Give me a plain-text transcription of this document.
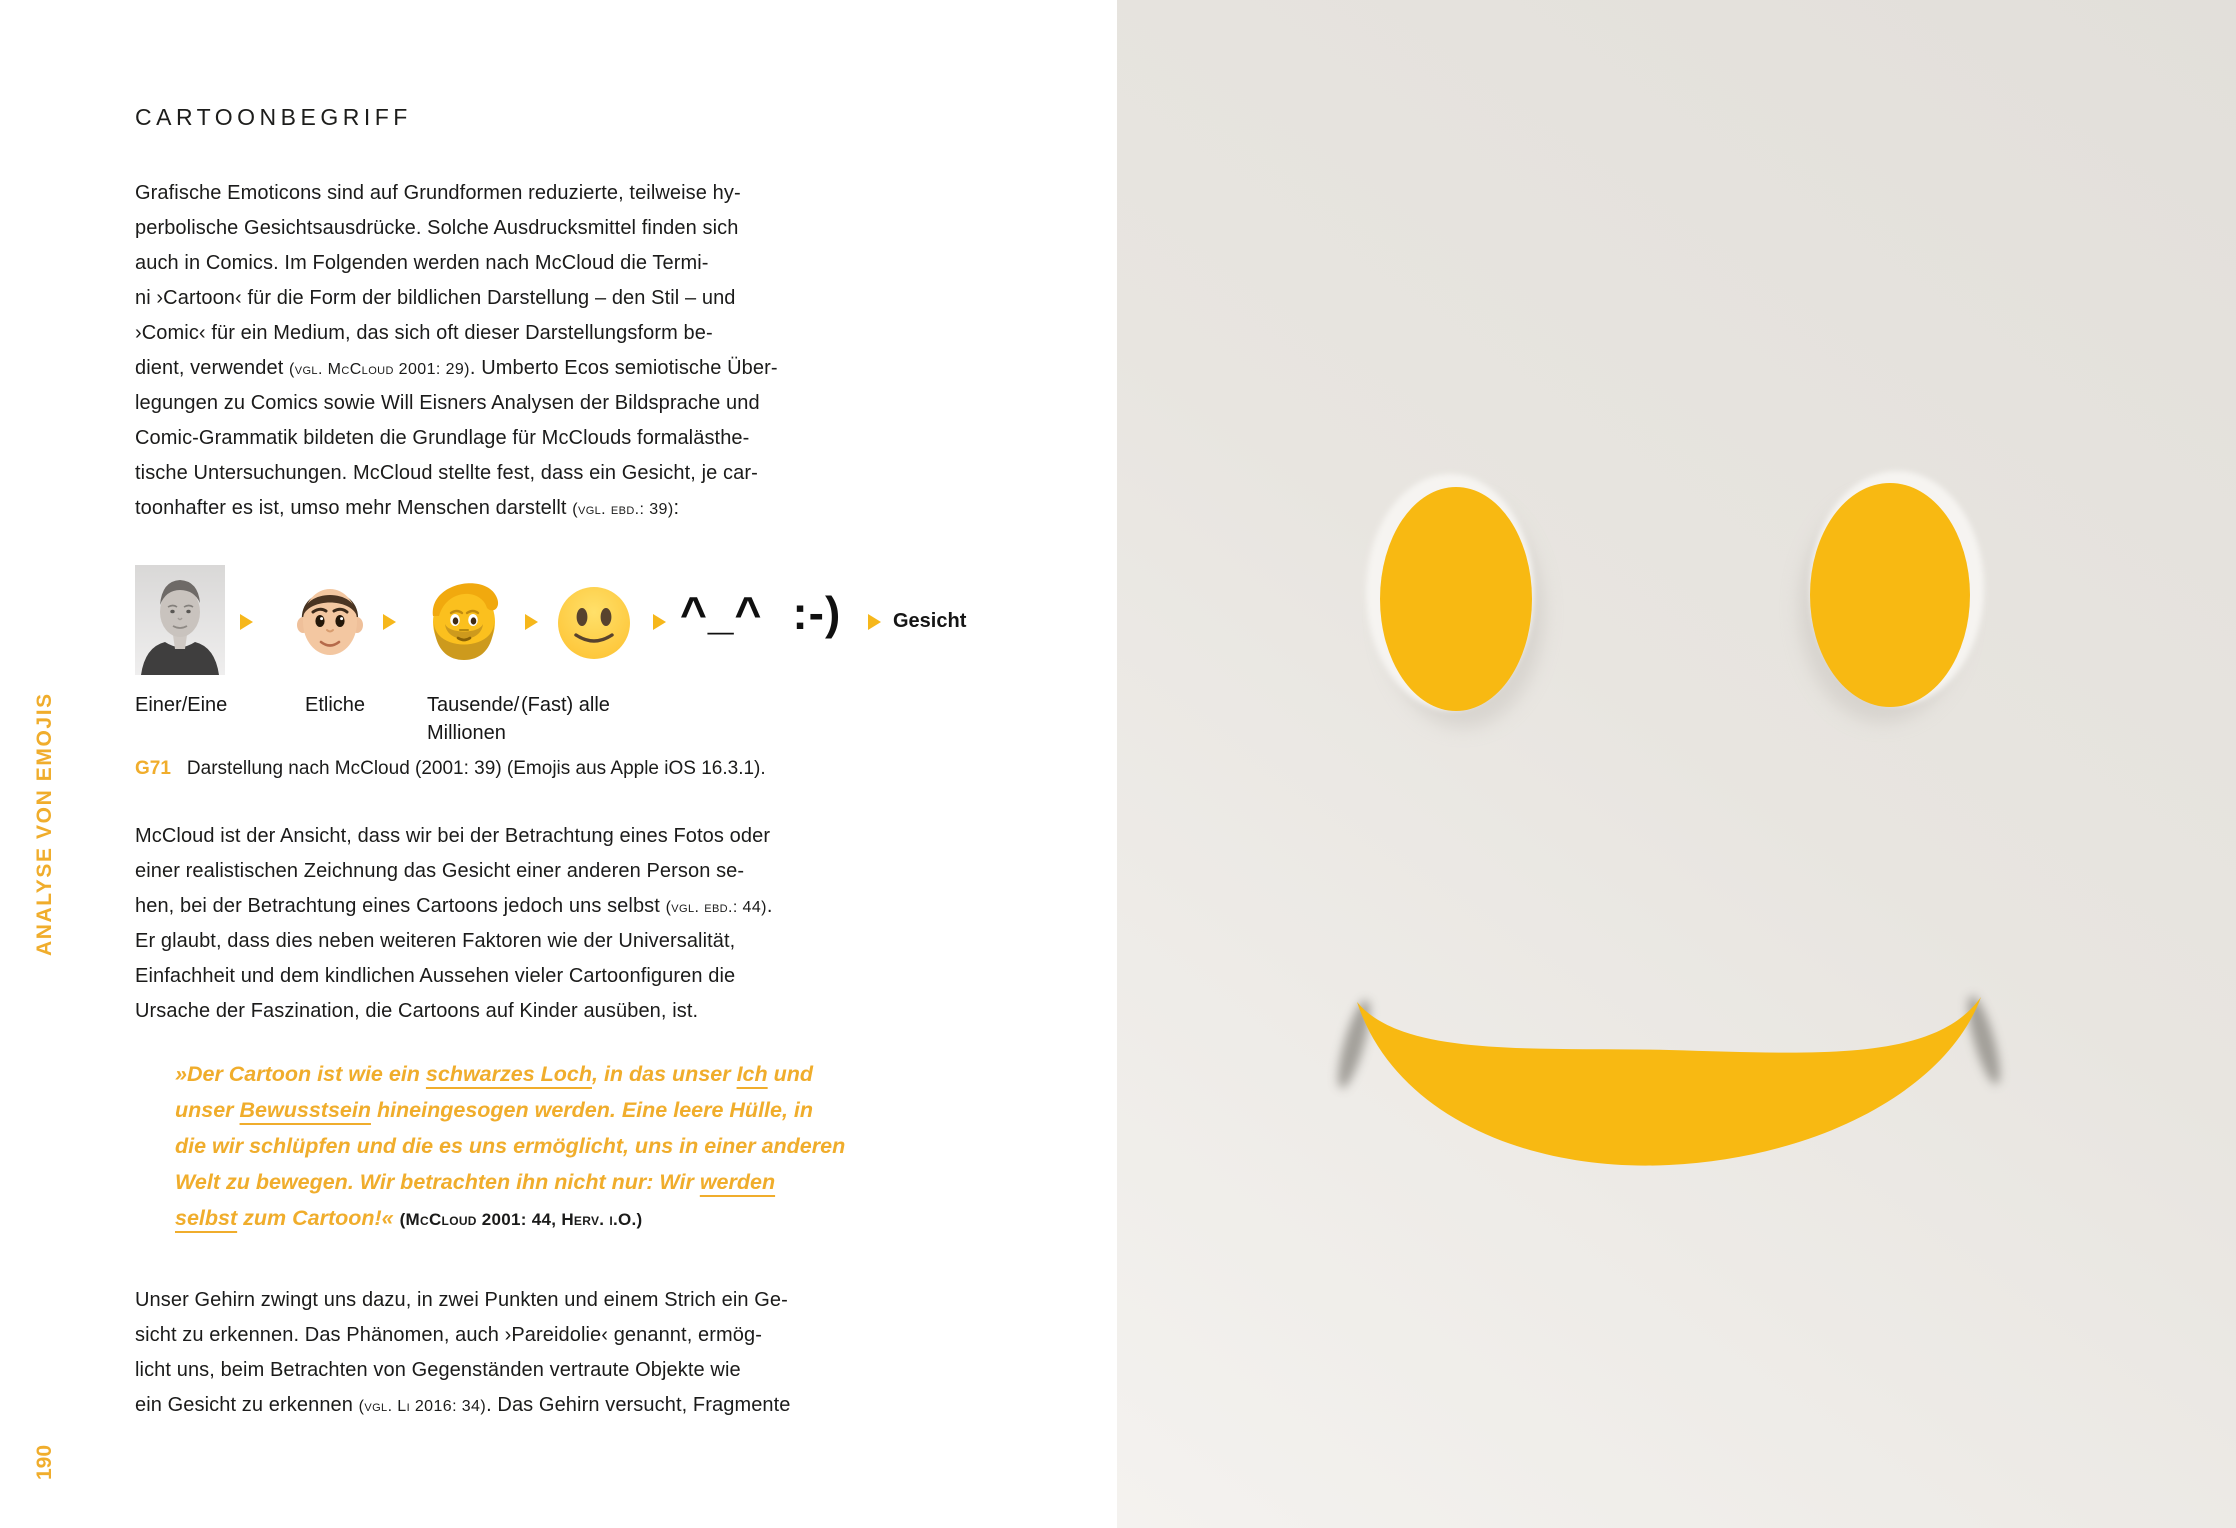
ANALYSE VON EMOJIS
190
CARTOONBEGRIFF
Grafische Emoticons sind auf Grundformen reduzierte, teilweise hy-
perbolische Gesichtsausdrücke. Solche Ausdrucksmittel finden sich
auch in Comics. Im Folgenden werden nach McCloud die Termi-
ni ›Cartoon‹ für die Form der bildlichen Darstellung – den Stil – und
›Comic‹ für ein Medium, das sich oft dieser Darstellungsform be-
dient, verwendet (vgl. McCloud 2001: 29). Umberto Ecos semiotische Über-
legungen zu Comics sowie Will Eisners Analysen der Bildsprache und
Comic-Grammatik bildeten die Grundlage für McClouds formalästhe-
tische Untersuchungen. McCloud stellte fest, dass ein Gesicht, je car-
toonhafter es ist, umso mehr Menschen darstellt (vgl. ebd.: 39):
^_^ :-)	Gesicht
Einer/Eine	Etliche	Tausende/
Millionen
(Fast) alle
G71 Darstellung nach McCloud (2001: 39) (Emojis aus Apple iOS 16.3.1).
McCloud ist der Ansicht, dass wir bei der Betrachtung eines Fotos oder
einer realistischen Zeichnung das Gesicht einer anderen Person se-
hen, bei der Betrachtung eines Cartoons jedoch uns selbst (vgl. ebd.: 44).
Er glaubt, dass dies neben weiteren Faktoren wie der Universalität,
Einfachheit und dem kindlichen Aussehen vieler Cartoonfiguren die
Ursache der Faszination, die Cartoons auf Kinder ausüben, ist.
»Der Cartoon ist wie ein schwarzes Loch, in das unser Ich und
unser Bewusstsein hineingesogen werden. Eine leere Hülle, in
die wir schlüpfen und die es uns ermöglicht, uns in einer anderen
Welt zu bewegen. Wir betrachten ihn nicht nur: Wir werden
selbst zum Cartoon!« (McCloud 2001: 44, Herv. i.O.)
Unser Gehirn zwingt uns dazu, in zwei Punkten und einem Strich ein Ge-
sicht zu erkennen. Das Phänomen, auch ›Pareidolie‹ genannt, ermög-
licht uns, beim Betrachten von Gegenständen vertraute Objekte wie
ein Gesicht zu erkennen (vgl. Li 2016: 34). Das Gehirn versucht, Fragmente
